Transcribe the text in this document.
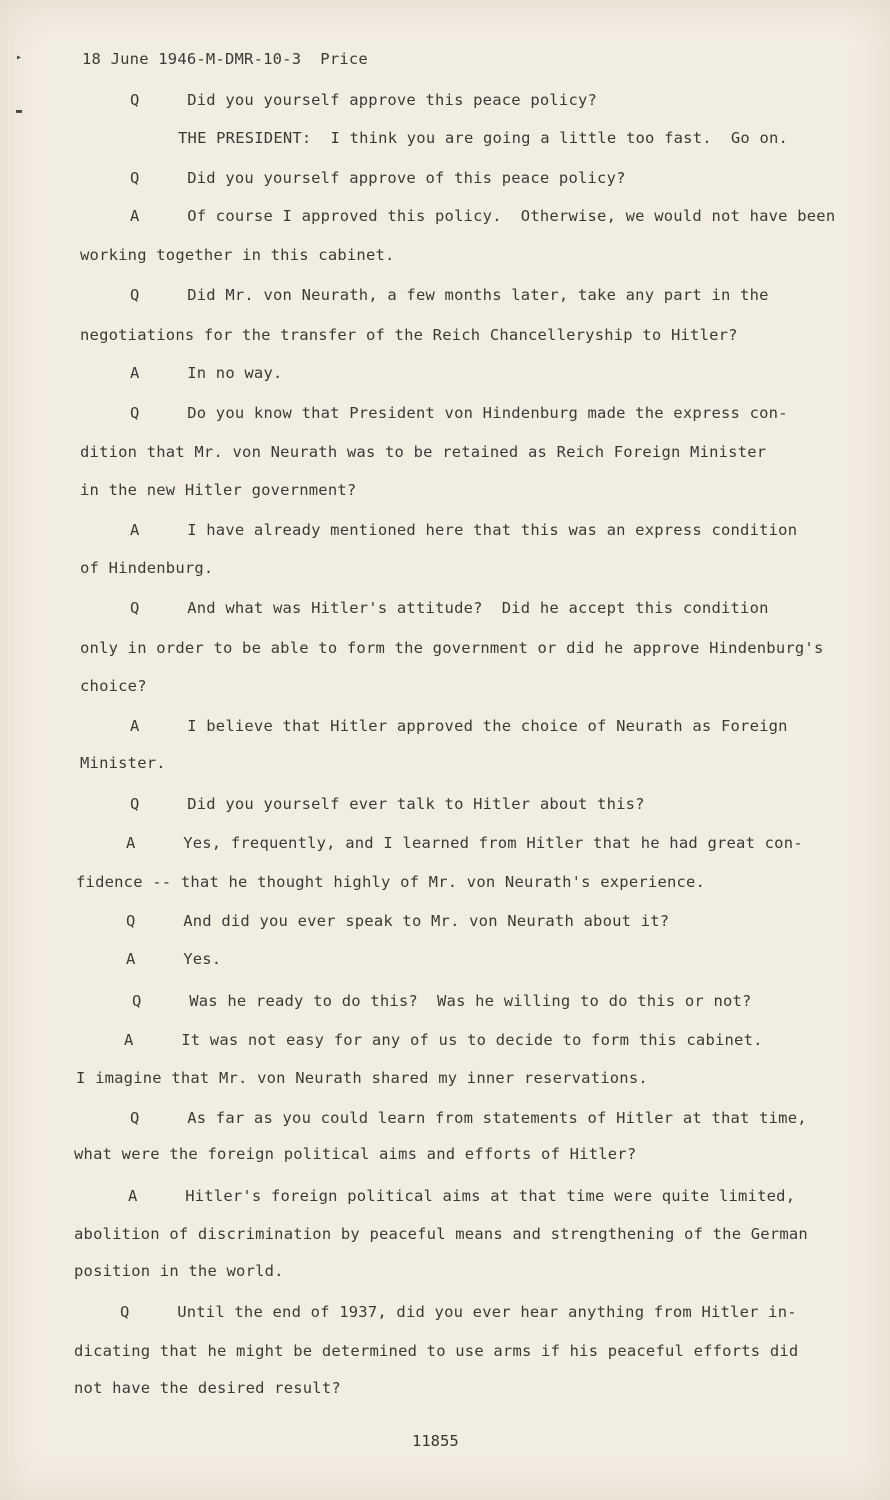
▸
▬
18 June 1946-M-DMR-10-3  Price
Q     Did you yourself approve this peace policy?
THE PRESIDENT:  I think you are going a little too fast.  Go on.
Q     Did you yourself approve of this peace policy?
A     Of course I approved this policy.  Otherwise, we would not have been
working together in this cabinet.
Q     Did Mr. von Neurath, a few months later, take any part in the
negotiations for the transfer of the Reich Chancelleryship to Hitler?
A     In no way.
Q     Do you know that President von Hindenburg made the express con-
dition that Mr. von Neurath was to be retained as Reich Foreign Minister
in the new Hitler government?
A     I have already mentioned here that this was an express condition
of Hindenburg.
Q     And what was Hitler's attitude?  Did he accept this condition
only in order to be able to form the government or did he approve Hindenburg's
choice?
A     I believe that Hitler approved the choice of Neurath as Foreign
Minister.
Q     Did you yourself ever talk to Hitler about this?
A     Yes, frequently, and I learned from Hitler that he had great con-
fidence -- that he thought highly of Mr. von Neurath's experience.
Q     And did you ever speak to Mr. von Neurath about it?
A     Yes.
Q     Was he ready to do this?  Was he willing to do this or not?
A     It was not easy for any of us to decide to form this cabinet.
I imagine that Mr. von Neurath shared my inner reservations.
Q     As far as you could learn from statements of Hitler at that time,
what were the foreign political aims and efforts of Hitler?
A     Hitler's foreign political aims at that time were quite limited,
abolition of discrimination by peaceful means and strengthening of the German
position in the world.
Q     Until the end of 1937, did you ever hear anything from Hitler in-
dicating that he might be determined to use arms if his peaceful efforts did
not have the desired result?
11855
